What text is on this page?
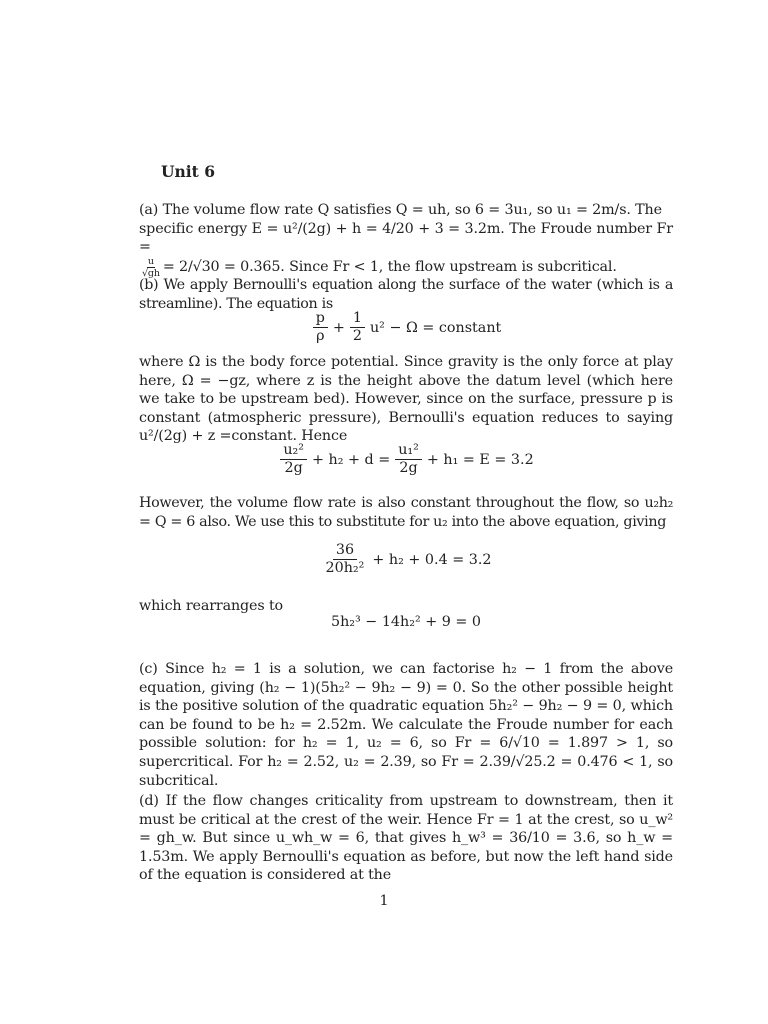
Unit 6
(a) The volume flow rate Q satisfies Q = uh, so 6 = 3u₁, so u₁ = 2m/s. The
specific energy E = u²/(2g) + h = 4/20 + 3 = 3.2m. The Froude number Fr =
$\frac{u}{√gh} = 2/√30 = 0.365$. Since Fr < 1, the flow upstream is subcritical.
(b) We apply Bernoulli's equation along the surface of the water (which is a streamline). The equation is
$\frac{p}{\rho} + \frac{1}{2} u^2 - \Omega$ = constant
where Ω is the body force potential. Since gravity is the only force at play here, Ω = −gz, where z is the height above the datum level (which here we take to be upstream bed). However, since on the surface, pressure p is constant (atmospheric pressure), Bernoulli's equation reduces to saying u²/(2g) + z =constant. Hence
$\frac{\text{u₂²}}{2g} + h_2 + d = \frac{\text{u₁²}}{2g} + h_1 = E = 3.2$
However, the volume flow rate is also constant throughout the flow, so u₂h₂ = Q = 6 also. We use this to substitute for u₂ into the above equation, giving
$\frac{36}{\text{20h₂²}} + h_2 + 0.4 = 3.2$
which rearranges to
5h₂³ − 14h₂² + 9 = 0
(c) Since h₂ = 1 is a solution, we can factorise h₂ − 1 from the above equation, giving (h₂ − 1)(5h₂² − 9h₂ − 9) = 0. So the other possible height is the positive solution of the quadratic equation 5h₂² − 9h₂ − 9 = 0, which can be found to be h₂ = 2.52m. We calculate the Froude number for each possible solution: for h₂ = 1, u₂ = 6, so Fr = 6/√10 = 1.897 > 1, so supercritical. For h₂ = 2.52, u₂ = 2.39, so Fr = 2.39/√25.2 = 0.476 < 1, so subcritical.
(d) If the flow changes criticality from upstream to downstream, then it must be critical at the crest of the weir. Hence Fr = 1 at the crest, so u_w² = gh_w. But since u_wh_w = 6, that gives h_w³ = 36/10 = 3.6, so h_w = 1.53m. We apply Bernoulli's equation as before, but now the left hand side of the equation is considered at the
1
